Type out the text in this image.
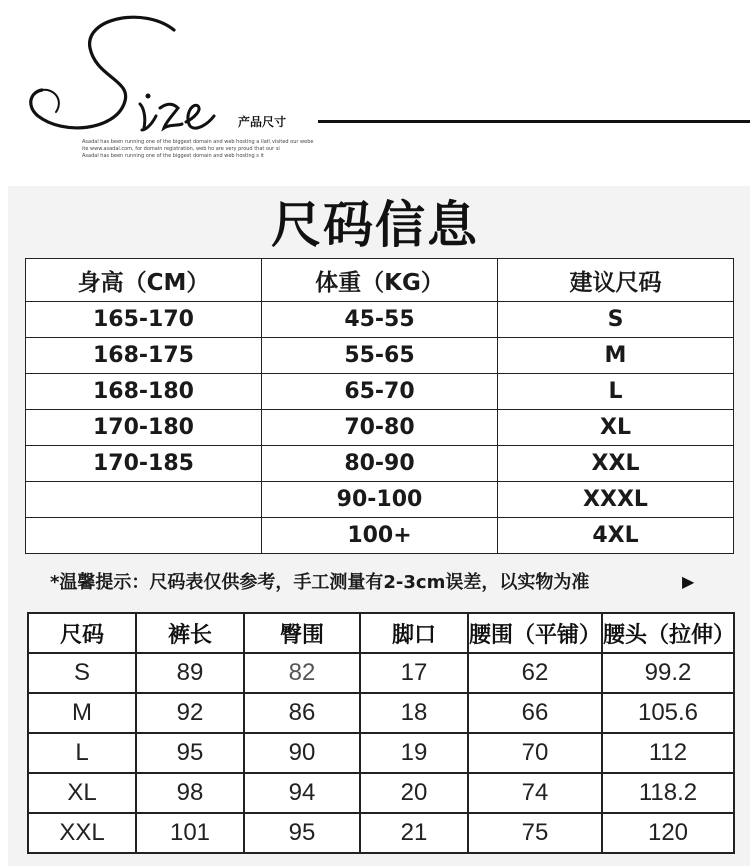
产品尺寸
Asadal has been running one of the biggest domain and web hosting a ilat\ visited our webe
ite www.asadal.com, for domain registration, web ho are very proud that our si
Asadal has been running one of the biggest domain and web hosting s it
尺码信息
身高（CM）	体重（KG）	建议尺码
165-170	45-55	S
168-175	55-65	M
168-180	65-70	L
170-180	70-80	XL
170-185	80-90	XXL
	90-100	XXXL
	100+	4XL
*温馨提示：尺码表仅供参考，手工测量有2-3cm误差，以实物为准	▶
尺码	裤长	臀围	脚口	腰围（平铺）	腰头（拉伸）
S	89	82	17	62	99.2
M	92	86	18	66	105.6
L	95	90	19	70	112
XL	98	94	20	74	118.2
XXL	101	95	21	75	120
